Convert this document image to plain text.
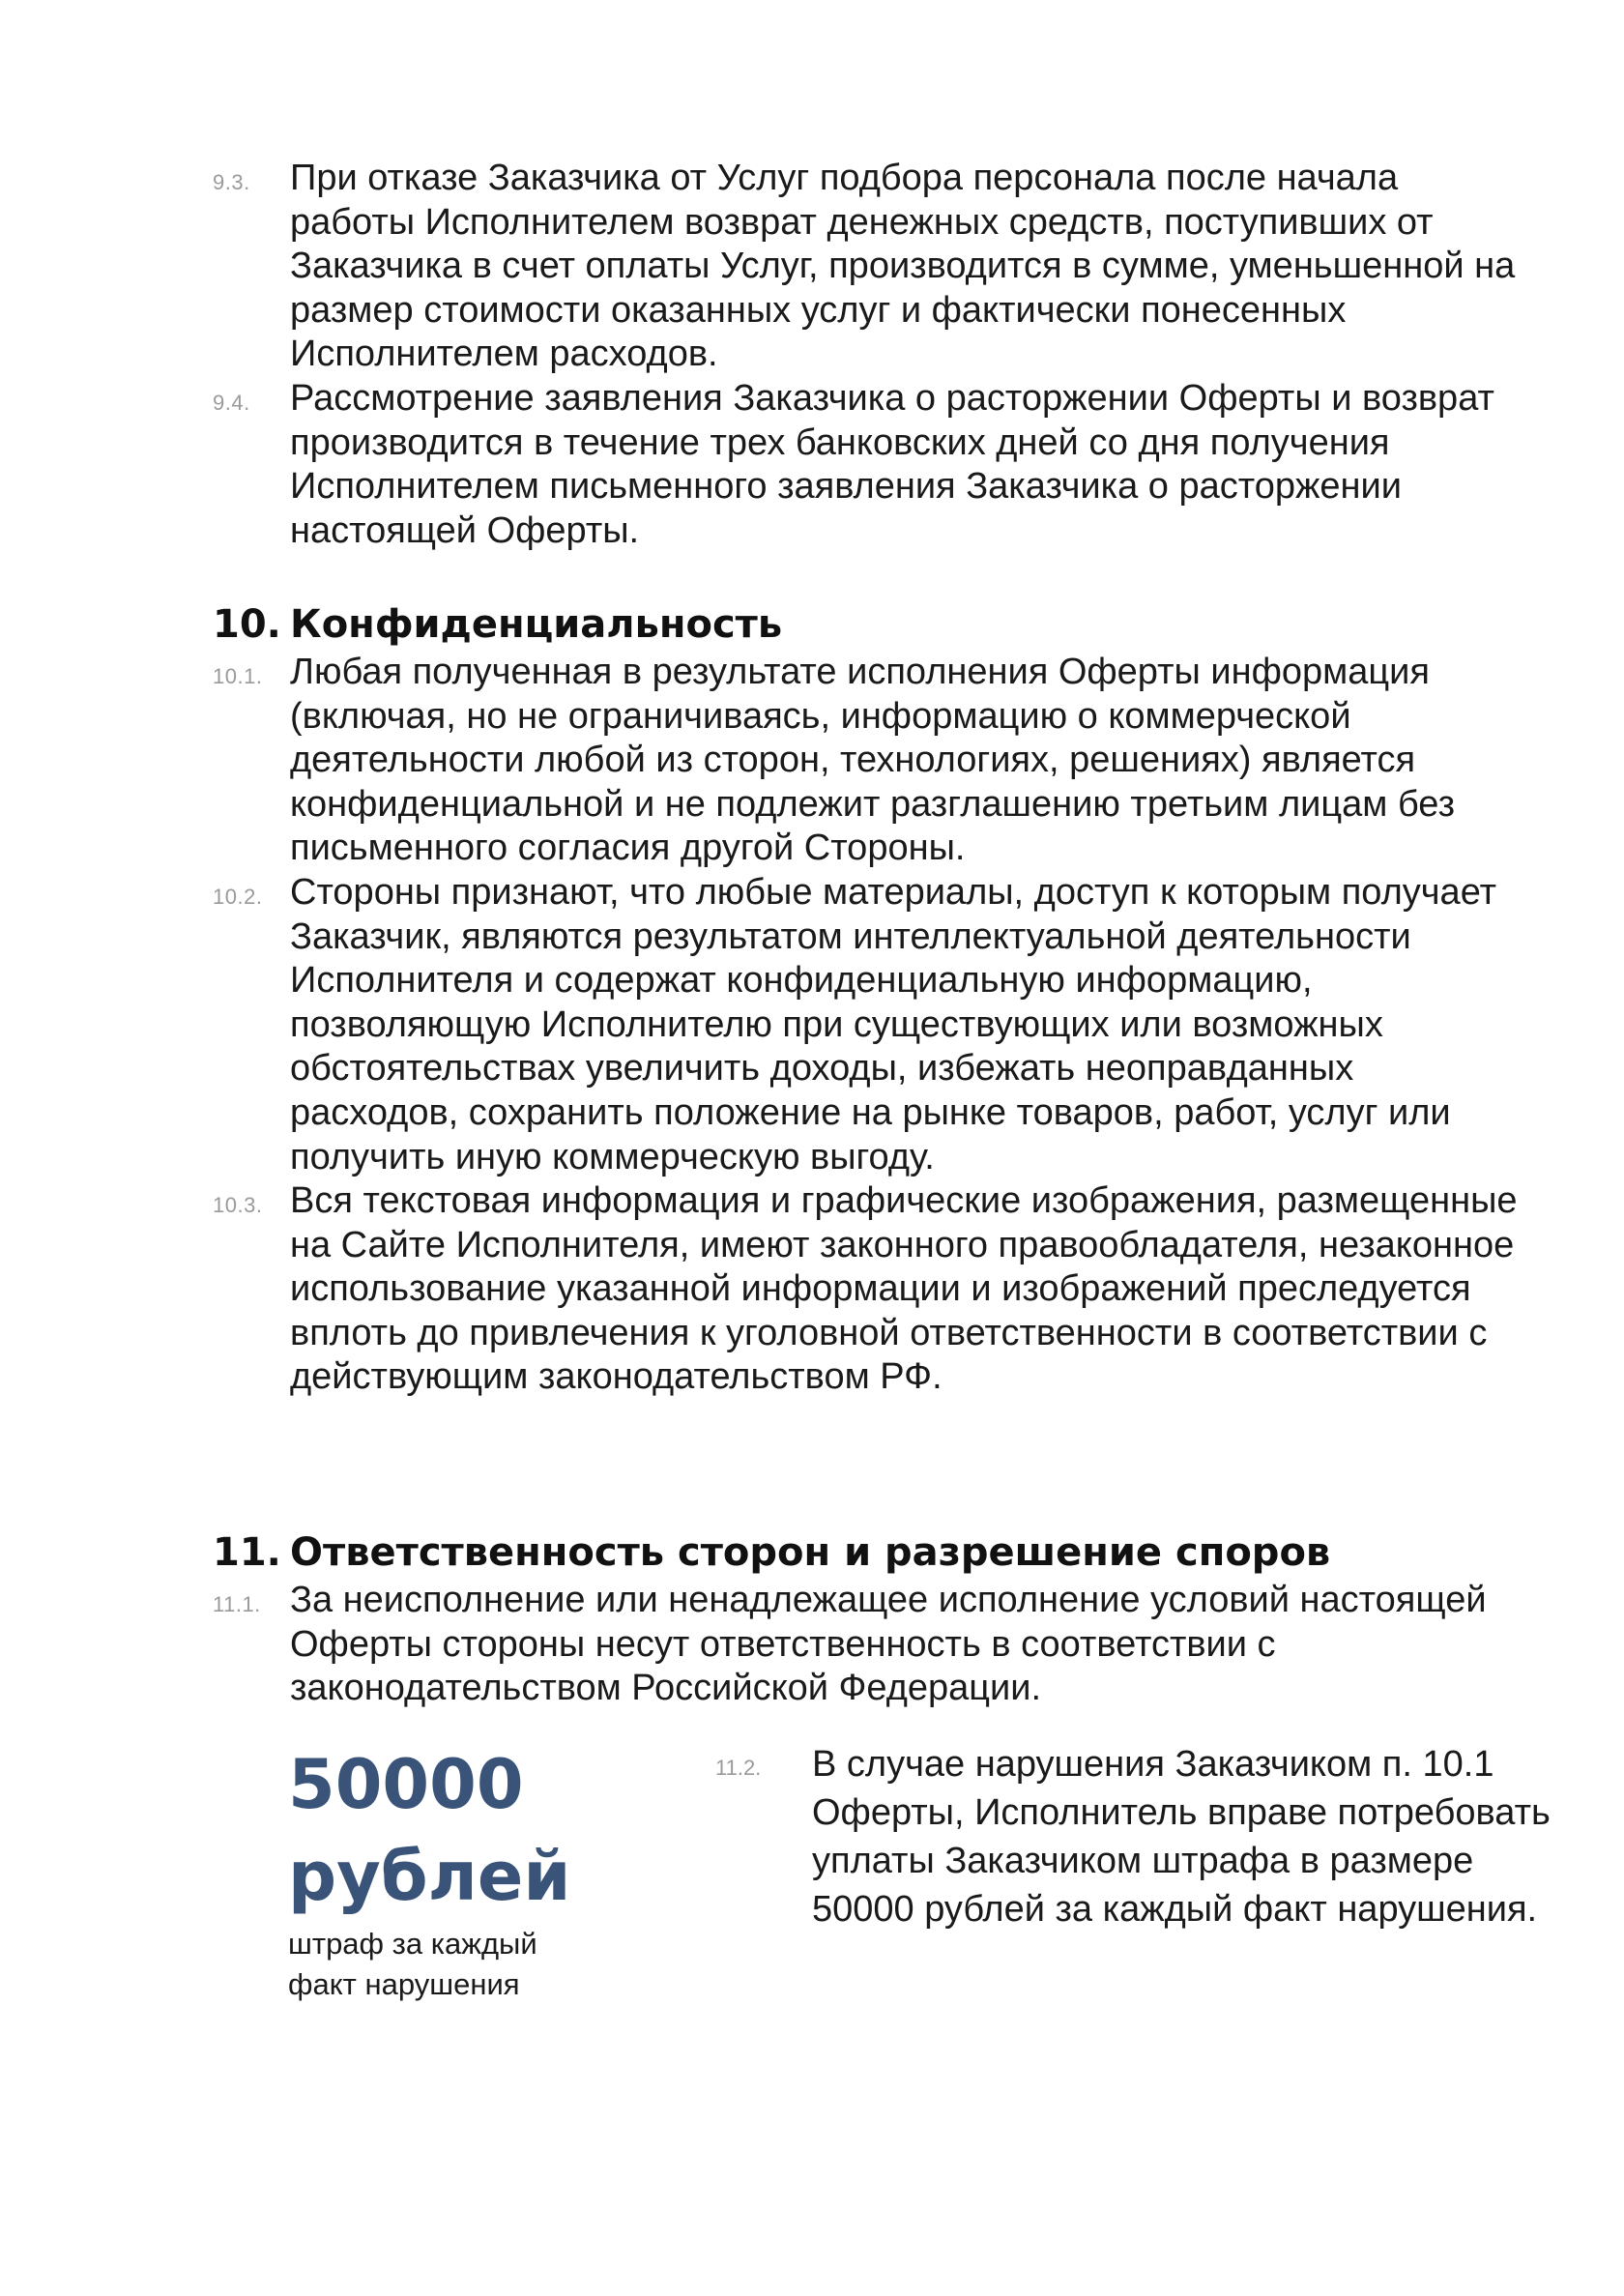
9.3. При отказе Заказчика от Услуг подбора персонала после начала работы Исполнителем возврат денежных средств, поступивших от Заказчика в счет оплаты Услуг, производится в сумме, уменьшенной на размер стоимости оказанных услуг и фактически понесенных Исполнителем расходов.
9.4. Рассмотрение заявления Заказчика о расторжении Оферты и возврат производится в течение трех банковских дней со дня получения Исполнителем письменного заявления Заказчика о расторжении настоящей Оферты.
10. Конфиденциальность
10.1. Любая полученная в результате исполнения Оферты информация (включая, но не ограничиваясь, информацию о коммерческой деятельности любой из сторон, технологиях, решениях) является конфиденциальной и не подлежит разглашению третьим лицам без письменного согласия другой Стороны.
10.2. Стороны признают, что любые материалы, доступ к которым получает Заказчик, являются результатом интеллектуальной деятельности Исполнителя и содержат конфиденциальную информацию, позволяющую Исполнителю при существующих или возможных обстоятельствах увеличить доходы, избежать неоправданных расходов, сохранить положение на рынке товаров, работ, услуг или получить иную коммерческую выгоду.
10.3. Вся текстовая информация и графические изображения, размещенные на Сайте Исполнителя, имеют законного правообладателя, незаконное использование указанной информации и изображений преследуется вплоть до привлечения к уголовной ответственности в соответствии с действующим законодательством РФ.
11. Ответственность сторон и разрешение споров
11.1. За неисполнение или ненадлежащее исполнение условий настоящей Оферты стороны несут ответственность в соответствии с законодательством Российской Федерации.
50000
рублей
штраф за каждый факт нарушения
11.2. В случае нарушения Заказчиком п. 10.1 Оферты, Исполнитель вправе потребовать уплаты Заказчиком штрафа в размере 50000 рублей за каждый факт нарушения.
